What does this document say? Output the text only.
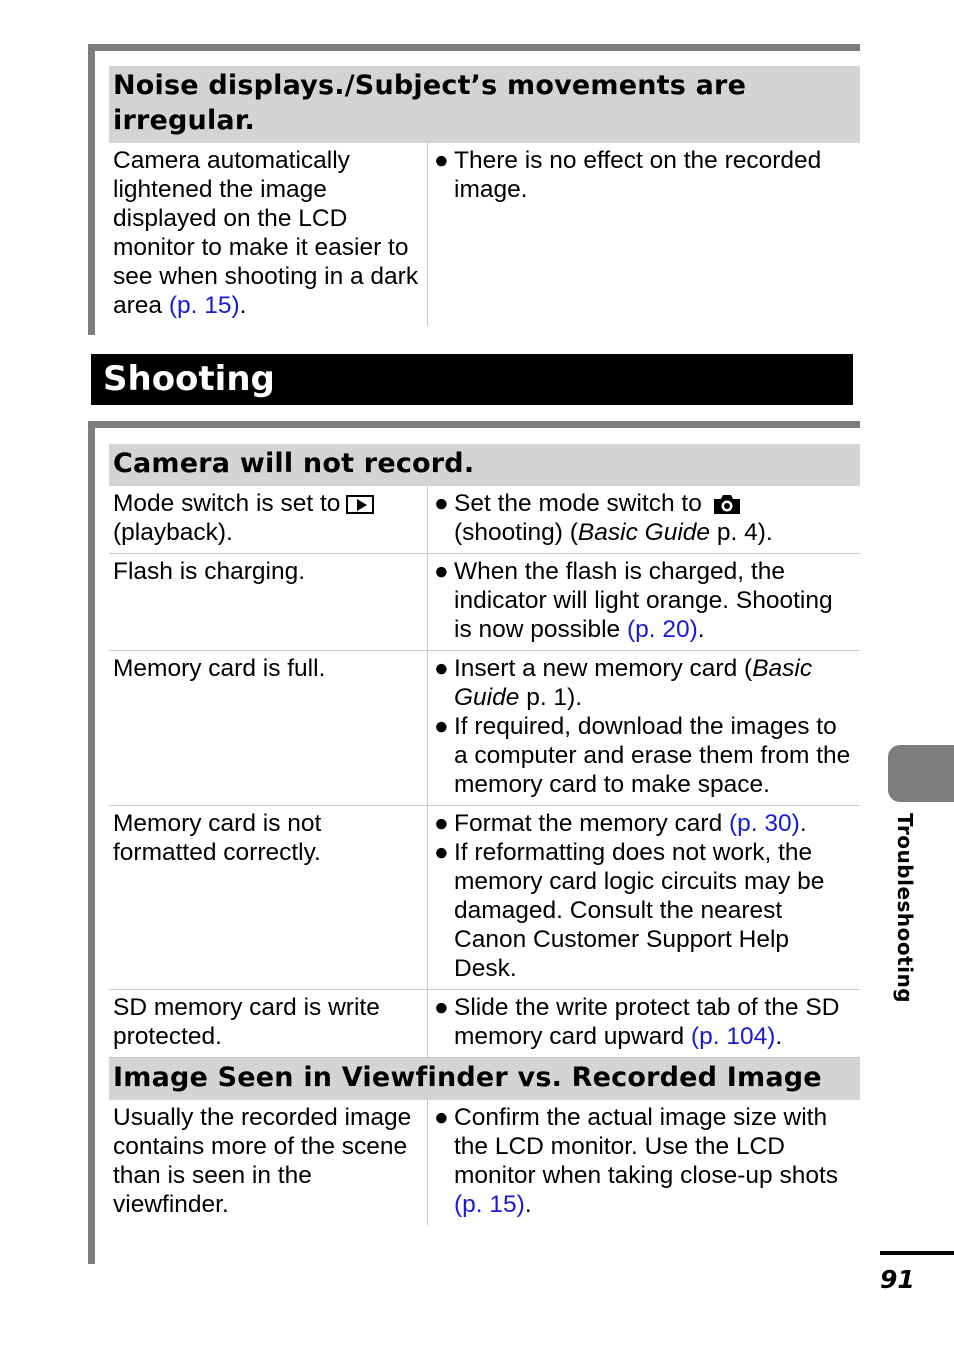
Noise displays./Subject’s movements are irregular.
Camera automatically lightened the image displayed on the LCD monitor to make it easier to see when shooting in a dark area (p. 15).
● There is no effect on the recorded image.
Shooting
Camera will not record.
Mode switch is set to
(playback).
● Set the mode switch to
(shooting) (Basic Guide p. 4).
Flash is charging.	● When the flash is charged, the indicator will light orange. Shooting is now possible (p. 20).
Memory card is full.	● Insert a new memory card (Basic Guide p. 1).
● If required, download the images to a computer and erase them from the memory card to make space.
Memory card is not formatted correctly.
● Format the memory card (p. 30).
● If reformatting does not work, the memory card logic circuits may be damaged. Consult the nearest Canon Customer Support Help Desk.
SD memory card is write protected.
● Slide the write protect tab of the SD memory card upward (p. 104).
Image Seen in Viewfinder vs. Recorded Image
Usually the recorded image contains more of the scene than is seen in the viewfinder.
● Confirm the actual image size with the LCD monitor. Use the LCD monitor when taking close-up shots (p. 15).
Troubleshooting
91
